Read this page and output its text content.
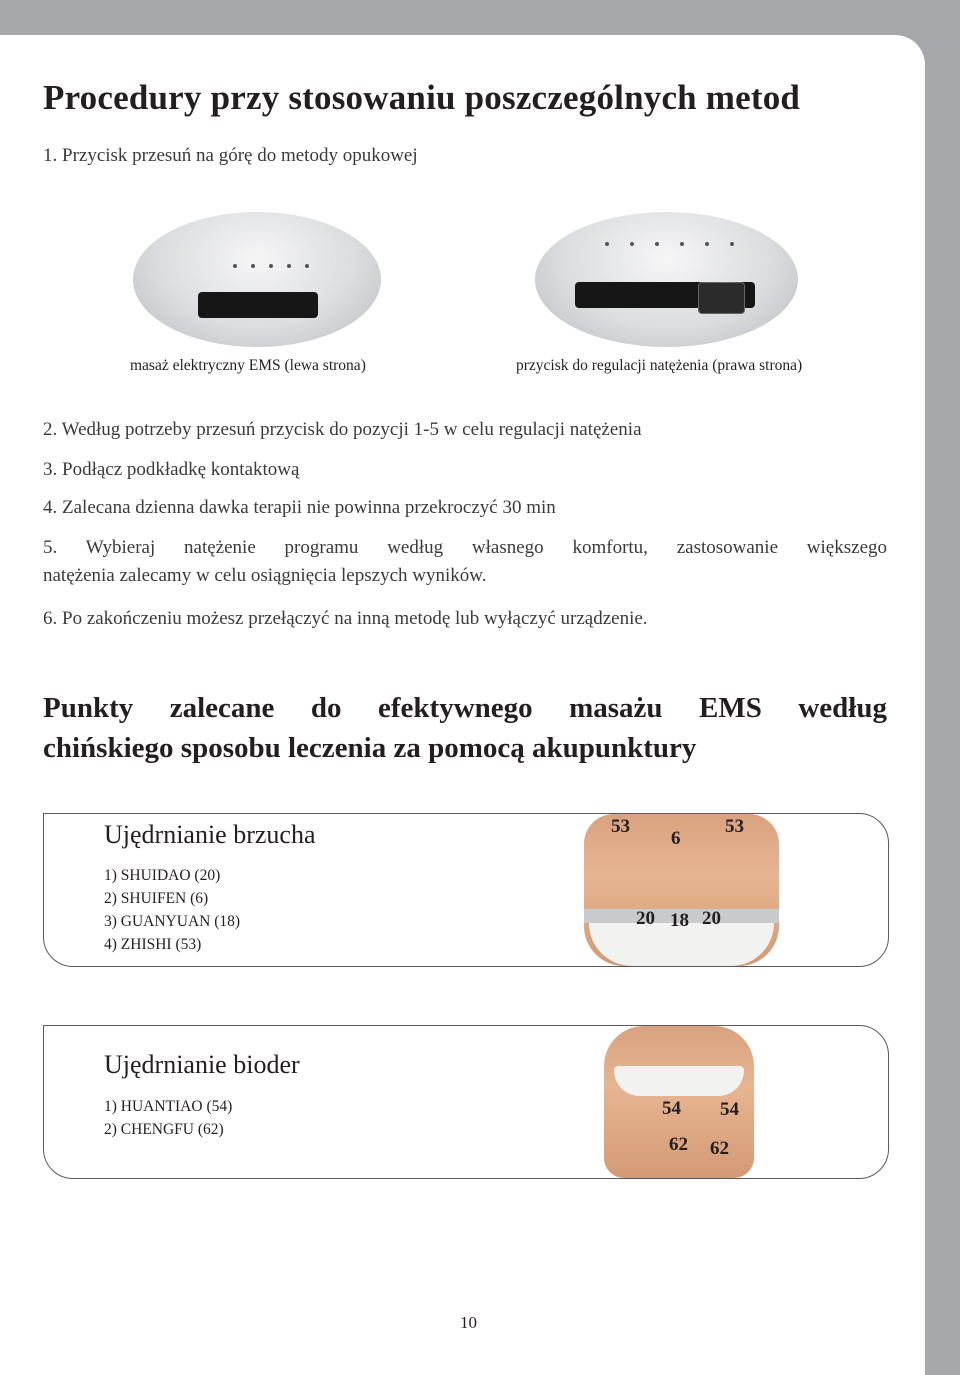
Procedury przy stosowaniu poszczególnych metod
1. Przycisk przesuń na górę do metody opukowej
masaż elektryczny EMS (lewa strona)	przycisk do regulacji natężenia (prawa strona)
2. Według potrzeby przesuń przycisk do pozycji 1-5 w celu regulacji natężenia
3. Podłącz podkładkę kontaktową
4. Zalecana dzienna dawka terapii nie powinna przekroczyć 30 min
5. Wybieraj natężenie programu według własnego komfortu, zastosowanie większego
natężenia zalecamy w celu osiągnięcia lepszych wyników.
6. Po zakończeniu możesz przełączyć na inną metodę lub wyłączyć urządzenie.
Punkty zalecane do efektywnego masażu EMS według
chińskiego sposobu leczenia za pomocą akupunktury
Ujędrnianie brzucha
1) SHUIDAO (20)
2) SHUIFEN (6)
3) GUANYUAN (18)
4) ZHISHI (53)
53
6
53
20 18 20
Ujędrnianie bioder
1) HUANTIAO (54)
2) CHENGFU (62)
54 54
62 62
10
